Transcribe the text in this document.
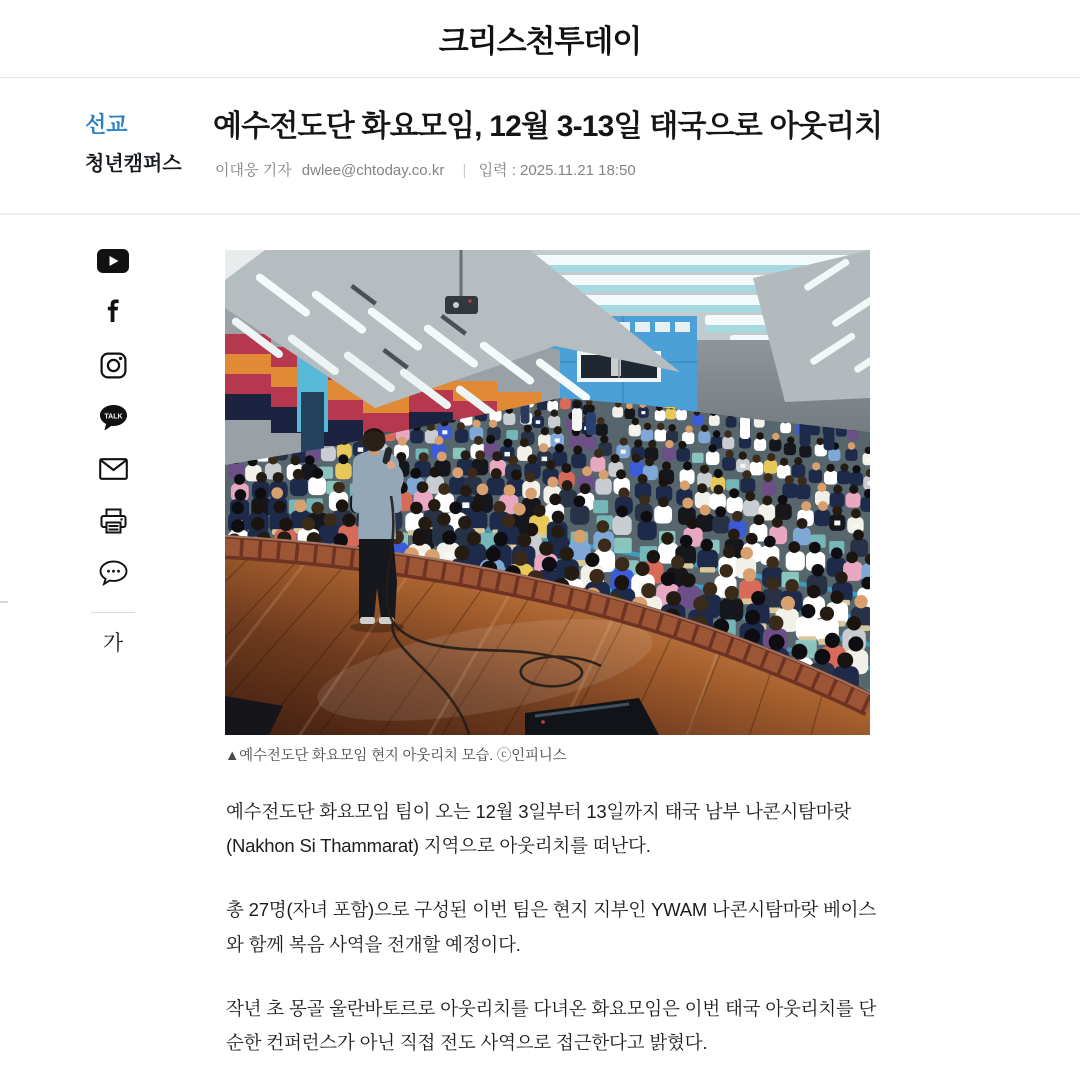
크리스천투데이
선교
청년캠퍼스
예수전도단 화요모임, 12월 3-13일 태국으로 아웃리치
이대웅 기자 dwlee@chtoday.co.kr | 입력 : 2025.11.21 18:50
TALK
가
▲예수전도단 화요모임 현지 아웃리치 모습. ⓒ인피니스

예수전도단 화요모임 팀이 오는 12월 3일부터 13일까지 태국 남부 나콘시탐마랏(Nakhon Si Thammarat) 지역으로 아웃리치를 떠난다.

총 27명(자녀 포함)으로 구성된 이번 팀은 현지 지부인 YWAM 나콘시탐마랏 베이스와 함께 복음 사역을 전개할 예정이다.

작년 초 몽골 울란바토르로 아웃리치를 다녀온 화요모임은 이번 태국 아웃리치를 단순한 컨퍼런스가 아닌 직접 전도 사역으로 접근한다고 밝혔다.
